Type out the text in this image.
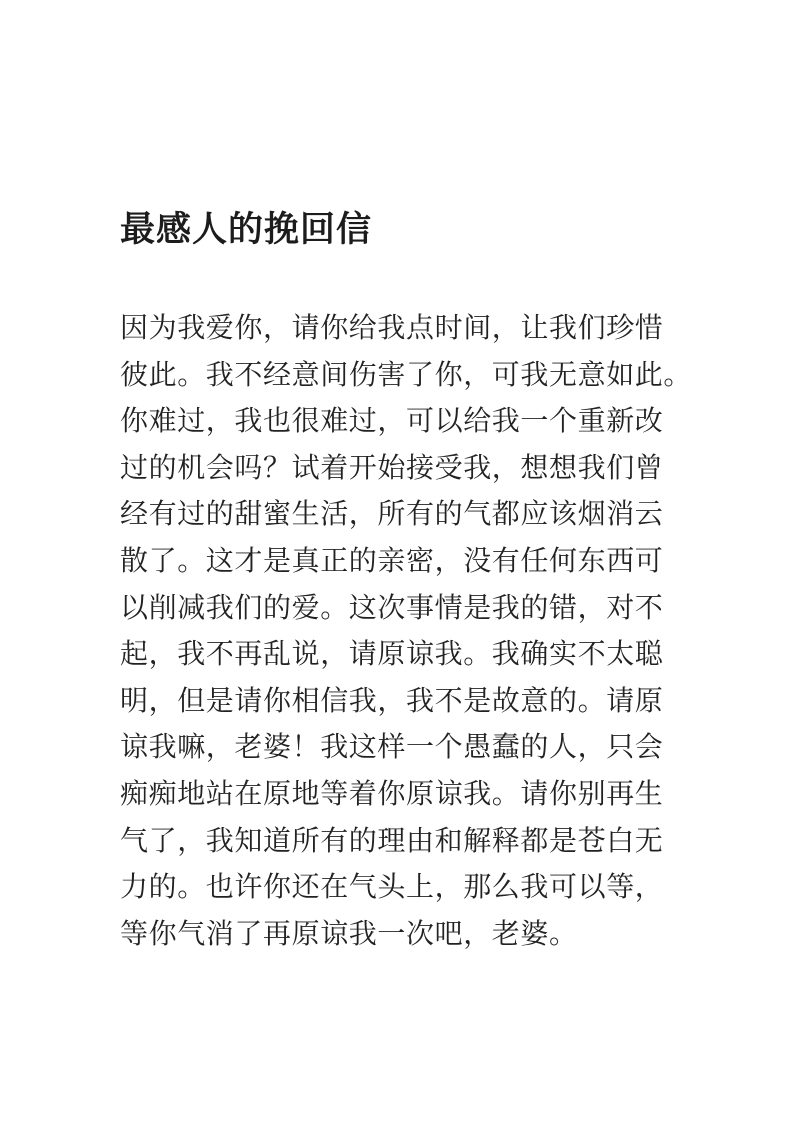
最感人的挽回信
因为我爱你，请你给我点时间，让我们珍惜
彼此。我不经意间伤害了你，可我无意如此。
你难过，我也很难过，可以给我一个重新改
过的机会吗？试着开始接受我，想想我们曾
经有过的甜蜜生活，所有的气都应该烟消云
散了。这才是真正的亲密，没有任何东西可
以削减我们的爱。这次事情是我的错，对不
起，我不再乱说，请原谅我。我确实不太聪
明，但是请你相信我，我不是故意的。请原
谅我嘛，老婆！我这样一个愚蠢的人，只会
痴痴地站在原地等着你原谅我。请你别再生
气了，我知道所有的理由和解释都是苍白无
力的。也许你还在气头上，那么我可以等，
等你气消了再原谅我一次吧，老婆。
